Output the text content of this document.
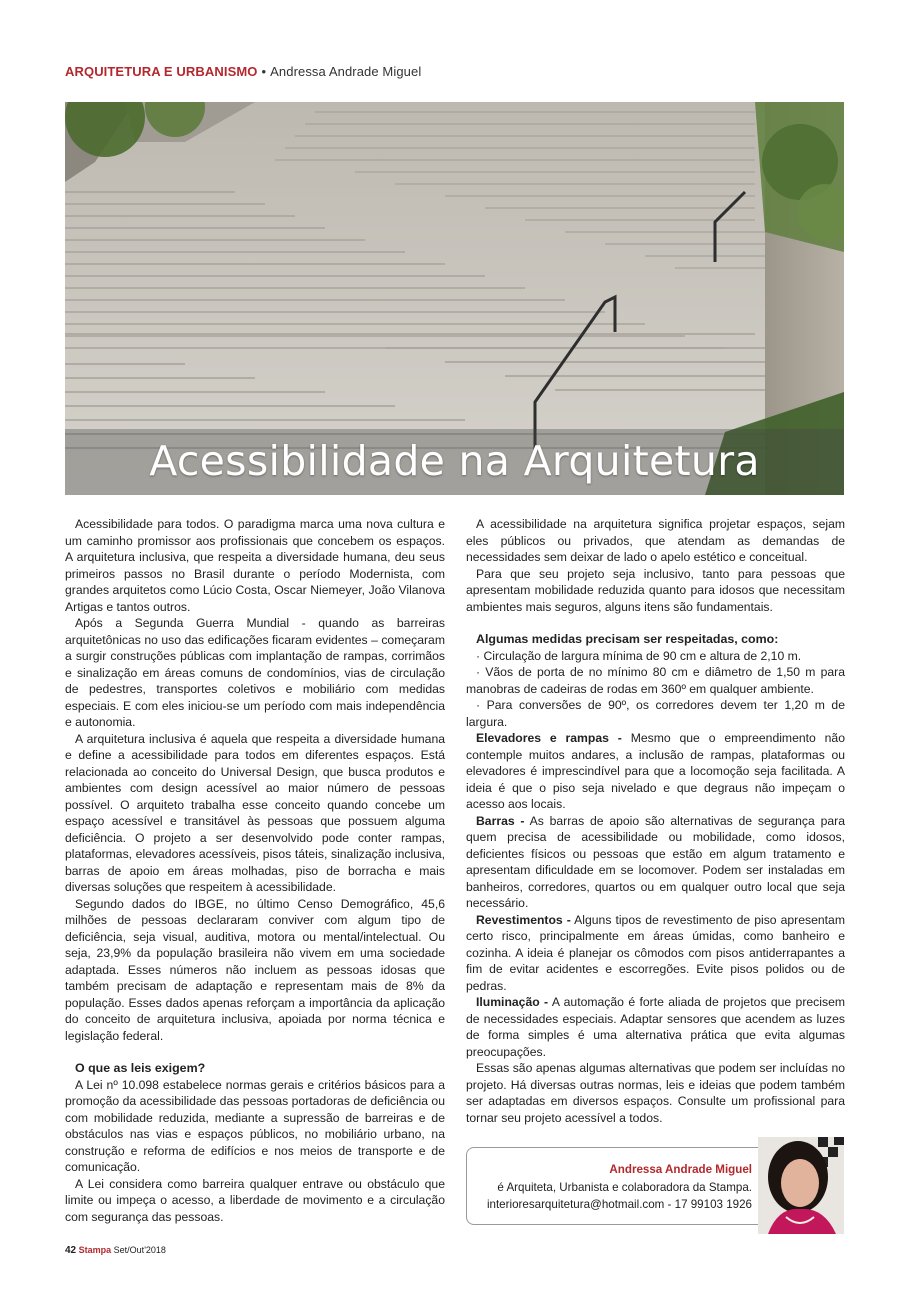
ARQUITETURA E URBANISMO • Andressa Andrade Miguel
Acessibilidade na Arquitetura

Acessibilidade para todos. O paradigma marca uma nova cultura e um caminho promissor aos profissionais que concebem os espaços. A arquitetura inclusiva, que respeita a diversidade humana, deu seus primeiros passos no Brasil durante o período Modernista, com grandes arquitetos como Lúcio Costa, Oscar Niemeyer, João Vilanova Artigas e tantos outros.

Após a Segunda Guerra Mundial - quando as barreiras arquitetônicas no uso das edificações ficaram evidentes – começaram a surgir construções públicas com implantação de rampas, corrimãos e sinalização em áreas comuns de condomínios, vias de circulação de pedestres, transportes coletivos e mobiliário com medidas especiais. E com eles iniciou-se um período com mais independência e autonomia.

A arquitetura inclusiva é aquela que respeita a diversidade humana e define a acessibilidade para todos em diferentes espaços. Está relacionada ao conceito do Universal Design, que busca produtos e ambientes com design acessível ao maior número de pessoas possível. O arquiteto trabalha esse conceito quando concebe um espaço acessível e transitável às pessoas que possuem alguma deficiência. O projeto a ser desenvolvido pode conter rampas, plataformas, elevadores acessíveis, pisos táteis, sinalização inclusiva, barras de apoio em áreas molhadas, piso de borracha e mais diversas soluções que respeitem à acessibilidade.

Segundo dados do IBGE, no último Censo Demográfico, 45,6 milhões de pessoas declararam conviver com algum tipo de deficiência, seja visual, auditiva, motora ou mental/intelectual. Ou seja, 23,9% da população brasileira não vivem em uma sociedade adaptada. Esses números não incluem as pessoas idosas que também precisam de adaptação e representam mais de 8% da população. Esses dados apenas reforçam a importância da aplicação do conceito de arquitetura inclusiva, apoiada por norma técnica e legislação federal.

O que as leis exigem?

A Lei nº 10.098 estabelece normas gerais e critérios básicos para a promoção da acessibilidade das pessoas portadoras de deficiência ou com mobilidade reduzida, mediante a supressão de barreiras e de obstáculos nas vias e espaços públicos, no mobiliário urbano, na construção e reforma de edifícios e nos meios de transporte e de comunicação.

A Lei considera como barreira qualquer entrave ou obstáculo que limite ou impeça o acesso, a liberdade de movimento e a circulação com segurança das pessoas.

A acessibilidade na arquitetura significa projetar espaços, sejam eles públicos ou privados, que atendam as demandas de necessidades sem deixar de lado o apelo estético e conceitual.

Para que seu projeto seja inclusivo, tanto para pessoas que apresentam mobilidade reduzida quanto para idosos que necessitam ambientes mais seguros, alguns itens são fundamentais.

Algumas medidas precisam ser respeitadas, como:
· Circulação de largura mínima de 90 cm e altura de 2,10 m.
· Vãos de porta de no mínimo 80 cm e diâmetro de 1,50 m para manobras de cadeiras de rodas em 360º em qualquer ambiente.
· Para conversões de 90º, os corredores devem ter 1,20 m de largura.

Elevadores e rampas - Mesmo que o empreendimento não contemple muitos andares, a inclusão de rampas, plataformas ou elevadores é imprescindível para que a locomoção seja facilitada. A ideia é que o piso seja nivelado e que degraus não impeçam o acesso aos locais.

Barras - As barras de apoio são alternativas de segurança para quem precisa de acessibilidade ou mobilidade, como idosos, deficientes físicos ou pessoas que estão em algum tratamento e apresentam dificuldade em se locomover. Podem ser instaladas em banheiros, corredores, quartos ou em qualquer outro local que seja necessário.

Revestimentos - Alguns tipos de revestimento de piso apresentam certo risco, principalmente em áreas úmidas, como banheiro e cozinha. A ideia é planejar os cômodos com pisos antiderrapantes a fim de evitar acidentes e escorregões. Evite pisos polidos ou de pedras.

Iluminação - A automação é forte aliada de projetos que precisem de necessidades especiais. Adaptar sensores que acendem as luzes de forma simples é uma alternativa prática que evita algumas preocupações.

Essas são apenas algumas alternativas que podem ser incluídas no projeto. Há diversas outras normas, leis e ideias que podem também ser adaptadas em diversos espaços. Consulte um profissional para tornar seu projeto acessível a todos.

Andressa Andrade Miguel
é Arquiteta, Urbanista e colaboradora da Stampa.
interioresarquitetura@hotmail.com - 17 99103 1926
42 Stampa Set/Out'2018
